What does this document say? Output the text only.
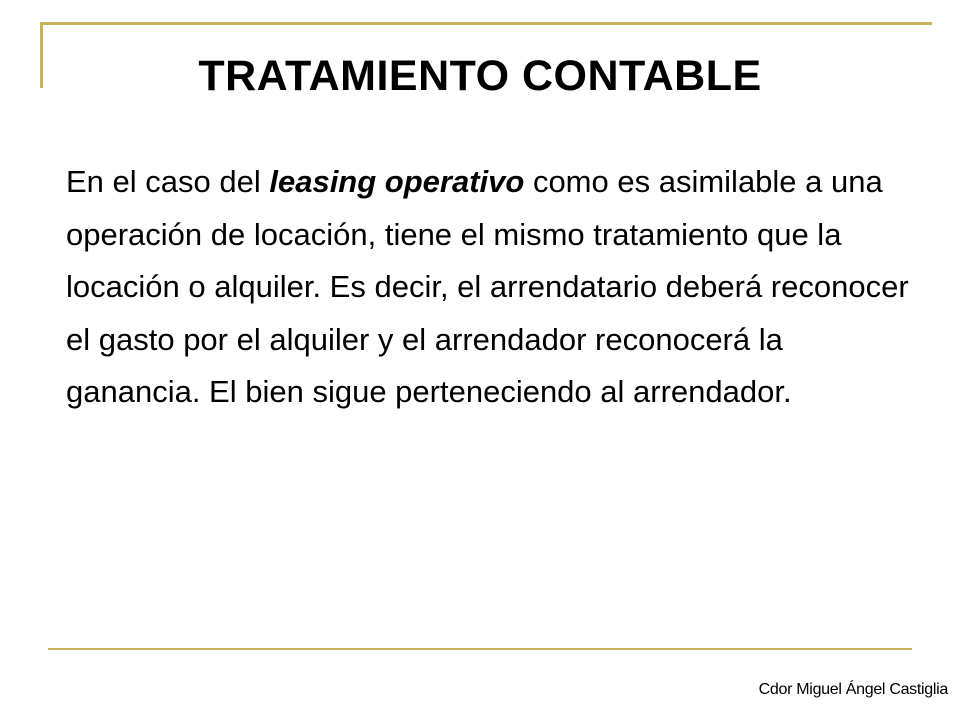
TRATAMIENTO CONTABLE
En el caso del leasing operativo como es asimilable a una operación de locación, tiene el mismo tratamiento que la locación o alquiler. Es decir, el arrendatario deberá reconocer el gasto por el alquiler y el arrendador reconocerá la ganancia. El bien sigue perteneciendo al arrendador.
Cdor Miguel Ángel Castiglia
